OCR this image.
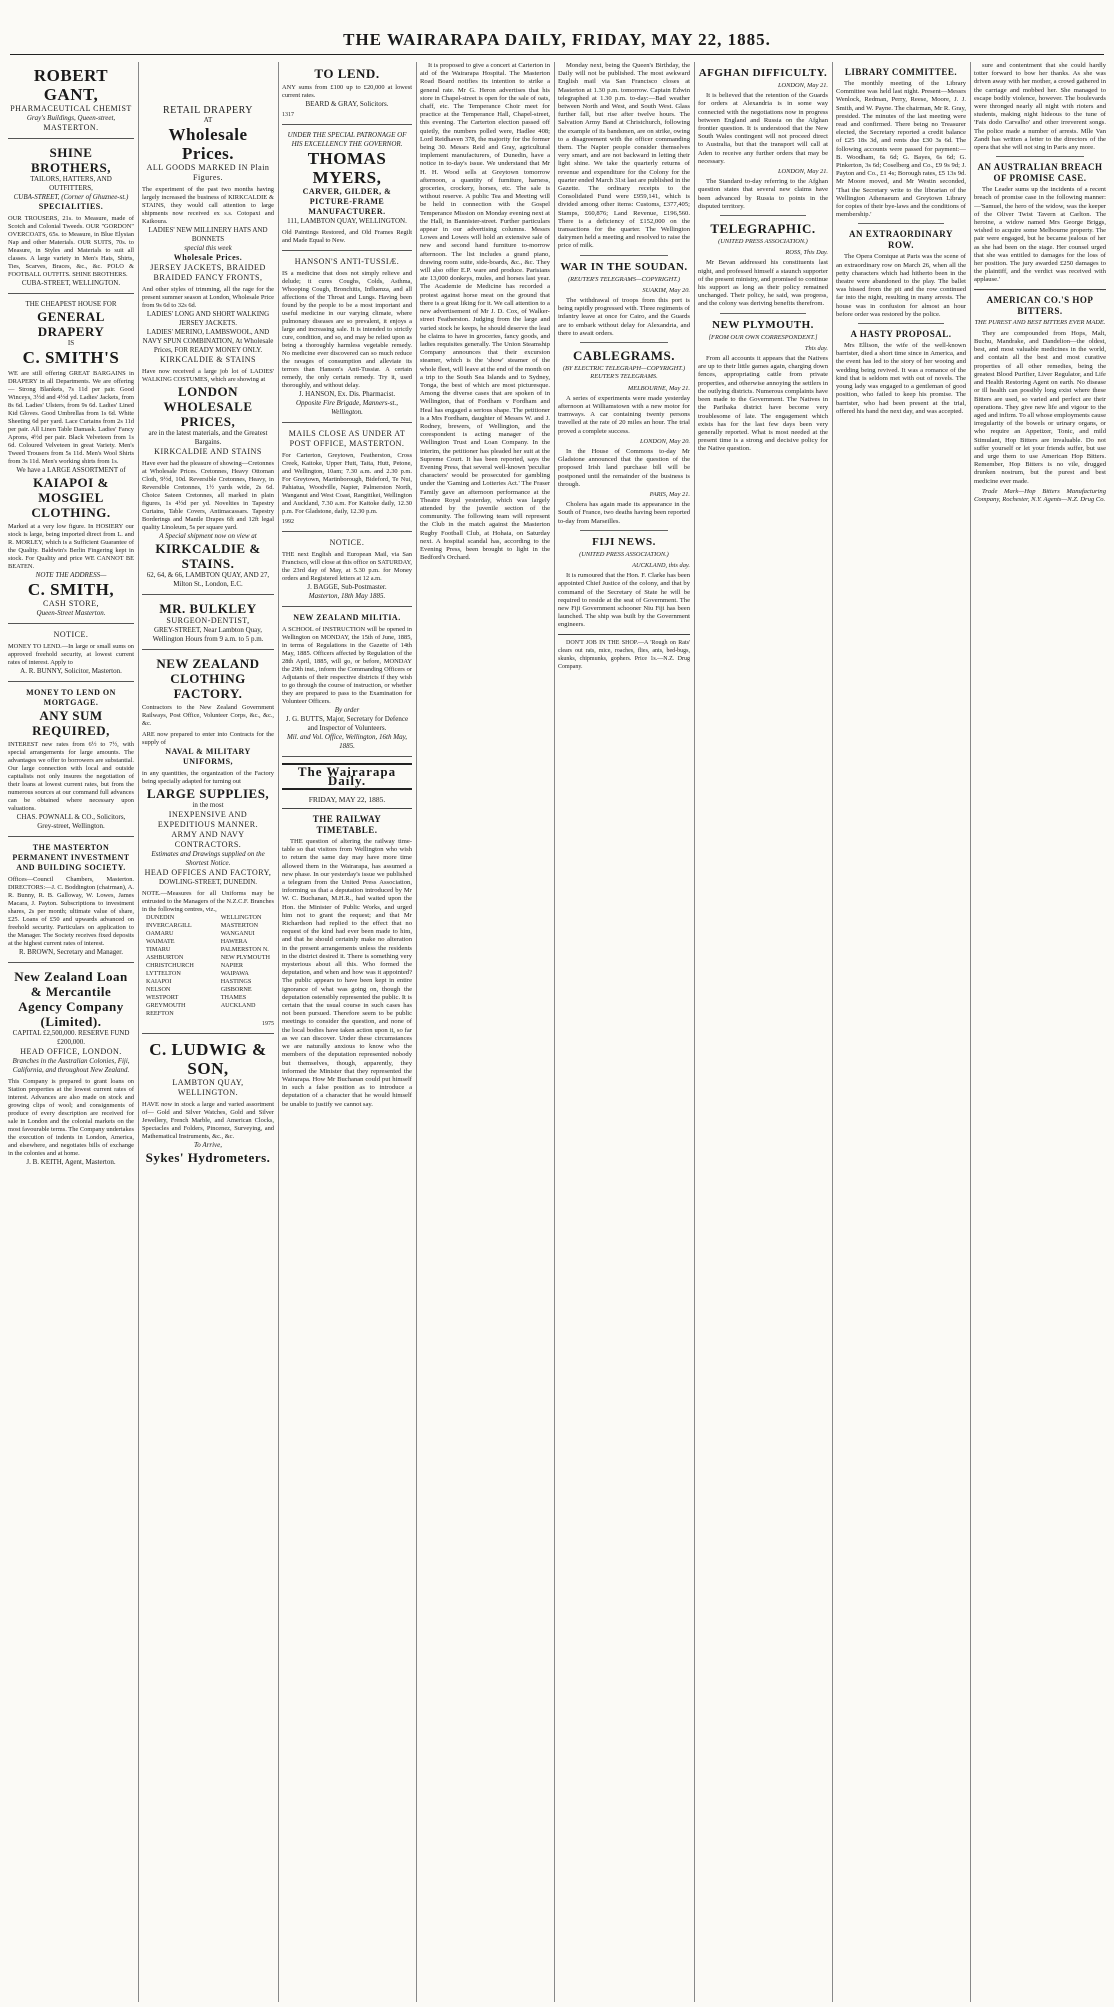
THE WAIRARAPA DAILY, FRIDAY, MAY 22, 1885.
ROBERT GANT,
PHARMACEUTICAL CHEMIST
Gray's Buildings, Queen-street,
MASTERTON.
SHINE BROTHERS,
TAILORS, HATTERS, AND OUTFITTERS,
CUBA-STREET, (Corner of Ghuznee-st.)
SPECIALITIES.
OUR TROUSERS, 21s. to Measure, made of Scotch and Colonial Tweeds. OUR "GORDON" OVERCOATS, 65s. to Measure, in Blue Elysian Nap and other Materials. OUR SUITS, 70s. to Measure, in Styles and Materials to suit all classes. A large variety in Men's Hats, Shirts, Ties, Scarves, Braces, &c., &c. POLO & FOOTBALL OUTFITS. SHINE BROTHERS.
CUBA-STREET, WELLINGTON.
THE CHEAPEST HOUSE FOR
GENERAL DRAPERY
IS
C. SMITH'S
WE are still offering GREAT BARGAINS in DRAPERY in all Departments. We are offering— Strong Blankets, 7s 11d per pair. Good Winceys, 3½d and 4½d yd. Ladies' Jackets, from 8s 6d. Ladies' Ulsters, from 9s 6d. Ladies' Lined Kid Gloves. Good Umbrellas from 1s 6d. White Sheeting 6d per yard. Lace Curtains from 2s 11d per pair. All Linen Table Damask. Ladies' Fancy Aprons, 4½d per pair. Black Velveteen from 1s 6d. Coloured Velveteen in great Variety. Men's Tweed Trousers from 5s 11d. Men's Wool Shirts from 3s 11d. Men's working shirts from 1s.
We have a LARGE ASSORTMENT of
KAIAPOI & MOSGIEL CLOTHING.
Marked at a very low figure. In HOSIERY our stock is large, being imported direct from L. and R. MORLEY, which is a Sufficient Guarantee of the Quality. Baldwin's Berlin Fingering kept in stock. For Quality and price WE CANNOT BE BEATEN.
NOTE THE ADDRESS—
C. SMITH,
CASH STORE,
Queen-Street Masterton.
NOTICE.
MONEY TO LEND.—In large or small sums on approved freehold security, at lowest current rates of interest. Apply to
A. R. BUNNY, Solicitor, Masterton.
MONEY TO LEND ON MORTGAGE.
ANY SUM REQUIRED,
INTEREST new rates from 6½ to 7½, with special arrangements for large amounts. The advantages we offer to borrowers are substantial. Our large connection with local and outside capitalists not only insures the negotiation of their loans at lowest current rates, but from the numerous sources at our command full advances can be obtained where necessary upon valuations.
CHAS. POWNALL & CO., Solicitors, Grey-street, Wellington.
THE MASTERTON PERMANENT INVESTMENT AND BUILDING SOCIETY.
Offices—Council Chambers, Masterton. DIRECTORS:—J. C. Boddington (chairman), A. R. Bunny, R. B. Galloway, W. Lowes, James Macara, J. Payton. Subscriptions to investment shares, 2s per month; ultimate value of share, £25. Loans of £50 and upwards advanced on freehold security. Particulars on application to the Manager. The Society receives fixed deposits at the highest current rates of interest.
R. BROWN, Secretary and Manager.
New Zealand Loan & Mercantile Agency Company (Limited).
CAPITAL £2,500,000. RESERVE FUND £200,000.
HEAD OFFICE, LONDON.
Branches in the Australian Colonies, Fiji, California, and throughout New Zealand.
This Company is prepared to grant loans on Station properties at the lowest current rates of interest. Advances are also made on stock and growing clips of wool; and consignments of produce of every description are received for sale in London and the colonial markets on the most favourable terms. The Company undertakes the execution of indents in London, America, and elsewhere, and negotiates bills of exchange in the colonies and at home.
J. B. KEITH, Agent, Masterton.
RETAIL DRAPERY
AT
Wholesale Prices.
ALL GOODS MARKED IN Plain Figures.
The experiment of the past two months having largely increased the business of KIRKCALDIE & STAINS, they would call attention to large shipments now received ex s.s. Cotopaxi and Kaikoura.
LADIES' NEW MILLINERY HATS AND BONNETS
special this week
Wholesale Prices.
JERSEY JACKETS, BRAIDED BRAIDED FANCY FRONTS,
And other styles of trimming, all the rage for the present summer season at London, Wholesale Price from 9s 6d to 32s 6d.
LADIES' LONG AND SHORT WALKING JERSEY JACKETS.
LADIES' MERINO, LAMBSWOOL, AND NAVY SPUN COMBINATION, At Wholesale Prices, FOR READY MONEY ONLY.
KIRKCALDIE & STAINS
Have now received a large job lot of LADIES' WALKING COSTUMES, which are showing at
LONDON WHOLESALE PRICES,
are in the latest materials, and the Greatest Bargains.
KIRKCALDIE AND STAINS
Have ever had the pleasure of showing—Cretonnes at Wholesale Prices. Cretonnes, Heavy Ottoman Cloth, 9½d, 10d. Reversible Cretonnes, Heavy, in Reversible Cretonnes, 1½ yards wide, 2s 6d. Choice Sateen Cretonnes, all marked in plain figures, 1s 4½d per yd. Novelties in Tapestry Curtains, Table Covers, Antimacassars. Tapestry Borderings and Mantle Drapes 6ft and 12ft legal quality Linoleum, 5s per square yard.
A Special shipment now on view at
KIRKCALDIE & STAINS.
62, 64, & 66, LAMBTON QUAY, AND 27, Milton St., London, E.C.
MR. BULKLEY
SURGEON-DENTIST,
GREY-STREET, Near Lambton Quay, Wellington Hours from 9 a.m. to 5 p.m.
NEW ZEALAND CLOTHING FACTORY.
Contractors to the New Zealand Government Railways, Post Office, Volunteer Corps, &c., &c., &c.
ARE now prepared to enter into Contracts for the supply of
NAVAL & MILITARY UNIFORMS,
in any quantities, the organization of the Factory being specially adapted for turning out
LARGE SUPPLIES,
in the most
INEXPENSIVE AND EXPEDITIOUS MANNER.
ARMY AND NAVY CONTRACTORS.
Estimates and Drawings supplied on the Shortest Notice.
HEAD OFFICES AND FACTORY,
DOWLING-STREET, DUNEDIN.
NOTE.—Measures for all Uniforms may be entrusted to the Managers of the N.Z.C.F. Branches in the following centres, viz.,
DUNEDIN
INVERCARGILL
OAMARU
WAIMATE
TIMARU
ASHBURTON
CHRISTCHURCH
LYTTELTON
KAIAPOI
NELSON
WESTPORT
GREYMOUTH
REEFTON
WELLINGTON
MASTERTON
WANGANUI
HAWERA
PALMERSTON N.
NEW PLYMOUTH
NAPIER
WAIPAWA
HASTINGS
GISBORNE
THAMES
AUCKLAND
1975
C. LUDWIG & SON,
LAMBTON QUAY, WELLINGTON.
HAVE now in stock a large and varied assortment of— Gold and Silver Watches, Gold and Silver Jewellery, French Marble, and American Clocks, Spectacles and Folders, Pincenez, Surveying, and Mathematical Instruments, &c., &c.
To Arrive,
Sykes' Hydrometers.
TO LEND.
ANY sums from £100 up to £20,000 at lowest current rates.
BEARD & GRAY, Solicitors.
1317
UNDER THE SPECIAL PATRONAGE OF HIS EXCELLENCY THE GOVERNOR.
THOMAS MYERS,
CARVER, GILDER, & PICTURE-FRAME MANUFACTURER.
111, LAMBTON QUAY, WELLINGTON.
Old Paintings Restored, and Old Frames Regilt and Made Equal to New.
HANSON'S ANTI-TUSSIÆ.
IS a medicine that does not simply relieve and delude; it cures Coughs, Colds, Asthma, Whooping Cough, Bronchitis, Influenza, and all affections of the Throat and Lungs. Having been found by the people to be a most important and useful medicine in our varying climate, where pulmonary diseases are so prevalent, it enjoys a large and increasing sale. It is intended to strictly cure, condition, and so, and may be relied upon as being a thoroughly harmless vegetable remedy. No medicine ever discovered can so much reduce the ravages of consumption and alleviate its terrors than Hanson's Anti-Tussiæ. A certain remedy, the only certain remedy. Try it, used thoroughly, and without delay.
J. HANSON, Ex. Dis. Pharmacist.
Opposite Fire Brigade, Manners-st., Wellington.
MAILS CLOSE AS UNDER AT POST OFFICE, MASTERTON.
For Carterton, Greytown, Featherston, Cross Creek, Kaitoke, Upper Hutt, Taita, Hutt, Petone, and Wellington, 10am; 7.30 a.m. and 2.30 p.m. For Greytown, Martinborough, Bideford, Te Nui, Pahiatua, Woodville, Napier, Palmerston North, Wanganui and West Coast, Rangitikei, Wellington and Auckland, 7.30 a.m. For Kaitoke daily, 12.30 p.m. For Gladstone, daily, 12.30 p.m.
1992
NOTICE.
THE next English and European Mail, via San Francisco, will close at this office on SATURDAY, the 23rd day of May, at 5.30 p.m. for Money orders and Registered letters at 12 a.m.
J. BAGGE, Sub-Postmaster.
Masterton, 18th May 1885.
NEW ZEALAND MILITIA.
A SCHOOL of INSTRUCTION will be opened in Wellington on MONDAY, the 15th of June, 1885, in terms of Regulations in the Gazette of 14th May, 1885. Officers affected by Regulation of the 28th April, 1885, will go, or before, MONDAY the 29th inst., inform the Commanding Officers or Adjutants of their respective districts if they wish to go through the course of instruction, or whether they are prepared to pass to the Examination for Volunteer Officers.
By order
J. G. BUTTS, Major, Secretary for Defence and Inspector of Volunteers.
Mil. and Vol. Office, Wellington, 16th May, 1885.
The Wairarapa Daily.
FRIDAY, MAY 22, 1885.
THE RAILWAY TIMETABLE.
THE question of altering the railway time-table so that visitors from Wellington who wish to return the same day may have more time allowed them in the Wairarapa, has assumed a new phase. In our yesterday's issue we published a telegram from the United Press Association, informing us that a deputation introduced by Mr W. C. Buchanan, M.H.R., had waited upon the Hon. the Minister of Public Works, and urged him not to grant the request; and that Mr Richardson had replied to the effect that no request of the kind had ever been made to him, and that he should certainly make no alteration in the present arrangements unless the residents in the district desired it. There is something very mysterious about all this. Who formed the deputation, and when and how was it appointed? The public appears to have been kept in entire ignorance of what was going on, though the deputation ostensibly represented the public. It is certain that the usual course in such cases has not been pursued. Therefore seem to be public meetings to consider the question, and none of the local bodies have taken action upon it, so far as we can discover. Under these circumstances we are naturally anxious to know who the members of the deputation represented nobody but themselves, though, apparently, they informed the Minister that they represented the Wairarapa. How Mr Buchanan could put himself in such a false position as to introduce a deputation of a character that he would himself be unable to justify we cannot say.
It is proposed to give a concert at Carterton in aid of the Wairarapa Hospital. The Masterton Road Board notifies its intention to strike a general rate. Mr G. Heron advertises that his store in Chapel-street is open for the sale of oats, chaff, etc. The Temperance Choir meet for practice at the Temperance Hall, Chapel-street, this evening. The Carterton election passed off quietly, the numbers polled were, Hadlee 408; Lord Reidhaven 378, the majority for the former being 30. Messrs Reid and Gray, agricultural implement manufacturers, of Dunedin, have a notice in to-day's issue. We understand that Mr H. H. Wood sells at Greytown tomorrow afternoon, a quantity of furniture, harness, groceries, crockery, horses, etc. The sale is without reserve. A public Tea and Meeting will be held in connection with the Gospel Temperance Mission on Monday evening next at the Hall, in Bannister-street. Further particulars appear in our advertising columns. Messrs Lowes and Lowes will hold an extensive sale of new and second hand furniture to-morrow afternoon. The list includes a grand piano, drawing room suite, side-boards, &c., &c. They will also offer E.P. ware and produce. Parisians ate 13,000 donkeys, mules, and horses last year. The Academie de Medicine has recorded a protest against horse meat on the ground that there is a great liking for it. We call attention to a new advertisement of Mr J. D. Cox, of Walker-street Featherston. Judging from the large and varied stock he keeps, he should deserve the lead he claims to have in groceries, fancy goods, and ladies requisites generally. The Union Steamship Company announces that their excursion steamer, which is the 'show' steamer of the whole fleet, will leave at the end of the month on a trip to the South Sea Islands and to Sydney, Tonga, the best of which are most picturesque. Among the diverse cases that are spoken of in Wellington, that of Fordham v Fordham and Heal has engaged a serious shape. The petitioner is a Mrs Fordham, daughter of Messrs W. and J. Rodney, brewers, of Wellington, and the corespondent is acting manager of the Wellington Trust and Loan Company. In the interim, the petitioner has pleaded her suit at the Supreme Court. It has been reported, says the Evening Press, that several well-known 'peculiar characters' would be prosecuted for gambling under the 'Gaming and Lotteries Act.' The Fraser Family gave an afternoon performance at the Theatre Royal yesterday, which was largely attended by the juvenile section of the community. The following team will represent the Club in the match against the Masterton Rugby Football Club, at Hohaia, on Saturday next. A hospital scandal has, according to the Evening Press, been brought to light in the Bedford's Orchard.
Monday next, being the Queen's Birthday, the Daily will not be published. The most awkward English mail via San Francisco closes at Masterton at 1.30 p.m. tomorrow. Captain Edwin telegraphed at 1.30 p.m. to-day:—Bad weather between North and West, and South West. Glass further fall, but rise after twelve hours. The Salvation Army Band at Christchurch, following the example of its bandsmen, are on strike, owing to a disagreement with the officer commanding them. The Napier people consider themselves very smart, and are not backward in letting their light shine. We take the quarterly returns of revenue and expenditure for the Colony for the quarter ended March 31st last are published in the Gazette. The ordinary receipts to the Consolidated Fund were £959,141, which is divided among other items: Customs, £377,405; Stamps, £60,876; Land Revenue, £196,560. There is a deficiency of £152,000 on the transactions for the quarter. The Wellington dairymen held a meeting and resolved to raise the price of milk.
WAR IN THE SOUDAN.
(REUTER'S TELEGRAMS—COPYRIGHT.)
SUAKIM, May 20.
The withdrawal of troops from this port is being rapidly progressed with. Three regiments of infantry leave at once for Cairo, and the Guards are to embark without delay for Alexandria, and there to await orders.
CABLEGRAMS.
(BY ELECTRIC TELEGRAPH—COPYRIGHT.) REUTER'S TELEGRAMS.
MELBOURNE, May 21.
A series of experiments were made yesterday afternoon at Williamstown with a new motor for tramways. A car containing twenty persons travelled at the rate of 20 miles an hour. The trial proved a complete success.
LONDON, May 20.
In the House of Commons to-day Mr Gladstone announced that the question of the proposed Irish land purchase bill will be postponed until the remainder of the business is through.
PARIS, May 21.
Cholera has again made its appearance in the South of France, two deaths having been reported to-day from Marseilles.
FIJI NEWS.
(UNITED PRESS ASSOCIATION.)
AUCKLAND, this day.
It is rumoured that the Hon. F. Clarke has been appointed Chief Justice of the colony, and that by command of the Secretary of State he will be required to reside at the seat of Government. The new Fiji Government schooner Niu Fiji has been launched. The ship was built by the Government engineers.
DON'T JOB IN THE SHOP.—A 'Rough on Rats' clears out rats, mice, roaches, flies, ants, bed-bugs, skunks, chipmunks, gophers. Price 1s.—N.Z. Drug Company.
AFGHAN DIFFICULTY.
LONDON, May 21.
It is believed that the retention of the Guards for orders at Alexandria is in some way connected with the negotiations now in progress between England and Russia on the Afghan frontier question. It is understood that the New South Wales contingent will not proceed direct to Australia, but that the transport will call at Aden to receive any further orders that may be necessary.
LONDON, May 21.
The Standard to-day referring to the Afghan question states that several new claims have been advanced by Russia to points in the disputed territory.
TELEGRAPHIC.
(UNITED PRESS ASSOCIATION.)
ROSS, This Day.
Mr Bevan addressed his constituents last night, and professed himself a staunch supporter of the present ministry, and promised to continue his support as long as their policy remained unchanged. Their policy, he said, was progress, and the colony was deriving benefits therefrom.
NEW PLYMOUTH.
[FROM OUR OWN CORRESPONDENT.]
This day.
From all accounts it appears that the Natives are up to their little games again, charging down fences, appropriating cattle from private properties, and otherwise annoying the settlers in the outlying districts. Numerous complaints have been made to the Government. The Natives in the Parihaka district have become very troublesome of late. The engagement which exists has for the last few days been very generally reported. What is most needed at the present time is a strong and decisive policy for the Native question.
LIBRARY COMMITTEE.
The monthly meeting of the Library Committee was held last night. Present—Messrs Wenlock, Redman, Perry, Reese, Moore, J. J. Smith, and W. Payne. The chairman, Mr R. Gray, presided. The minutes of the last meeting were read and confirmed. There being no Treasurer elected, the Secretary reported a credit balance of £25 18s 3d, and rents due £30 3s 6d. The following accounts were passed for payment:—B. Woodham, 6s 6d; G. Bayes, 6s 6d; G. Pinkerton, 3s 6d; Coselberg and Co., £9 9s 9d; J. Payton and Co., £1 4s; Borough rates, £5 13s 9d. Mr Moore moved, and Mr Westin seconded, 'That the Secretary write to the librarian of the Wellington Athenaeum and Greytown Library for copies of their bye-laws and the conditions of membership.'
AN EXTRAORDINARY ROW.
The Opera Comique at Paris was the scene of an extraordinary row on March 26, when all the petty characters which had hitherto been in the theatre were abandoned to the play. The ballet was hissed from the pit and the row continued far into the night, resulting in many arrests. The house was in confusion for almost an hour before order was restored by the police.
A HASTY PROPOSAL.
Mrs Ellison, the wife of the well-known barrister, died a short time since in America, and the event has led to the story of her wooing and wedding being revived. It was a romance of the kind that is seldom met with out of novels. The young lady was engaged to a gentleman of good position, who failed to keep his promise. The barrister, who had been present at the trial, offered his hand the next day, and was accepted.
sure and contentment that she could hardly totter forward to bow her thanks. As she was driven away with her mother, a crowd gathered in the carriage and mobbed her. She managed to escape bodily violence, however. The boulevards were thronged nearly all night with rioters and students, making night hideous to the tune of 'Fais dodo Carvalho' and other irreverent songs. The police made a number of arrests. Mlle Van Zandt has written a letter to the directors of the opera that she will not sing in Paris any more.
AN AUSTRALIAN BREACH OF PROMISE CASE.
The Leader sums up the incidents of a recent breach of promise case in the following manner:—'Samuel, the hero of the widow, was the keeper of the Oliver Twist Tavern at Carlton. The heroine, a widow named Mrs George Briggs, wished to acquire some Melbourne property. The pair were engaged, but he became jealous of her as she had been on the stage. Her counsel urged that she was entitled to damages for the loss of her position. The jury awarded £250 damages to the plaintiff, and the verdict was received with applause.'
AMERICAN CO.'S HOP BITTERS.
THE PUREST AND BEST BITTERS EVER MADE.
They are compounded from Hops, Malt, Buchu, Mandrake, and Dandelion—the oldest, best, and most valuable medicines in the world, and contain all the best and most curative properties of all other remedies, being the greatest Blood Purifier, Liver Regulator, and Life and Health Restoring Agent on earth. No disease or ill health can possibly long exist where these Bitters are used, so varied and perfect are their operations. They give new life and vigour to the aged and infirm. To all whose employments cause irregularity of the bowels or urinary organs, or who require an Appetizer, Tonic, and mild Stimulant, Hop Bitters are invaluable. Do not suffer yourself or let your friends suffer, but use and urge them to use American Hop Bitters. Remember, Hop Bitters is no vile, drugged drunken nostrum, but the purest and best medicine ever made.
Trade Mark—Hop Bitters Manufacturing Company, Rochester, N.Y. Agents—N.Z. Drug Co.
